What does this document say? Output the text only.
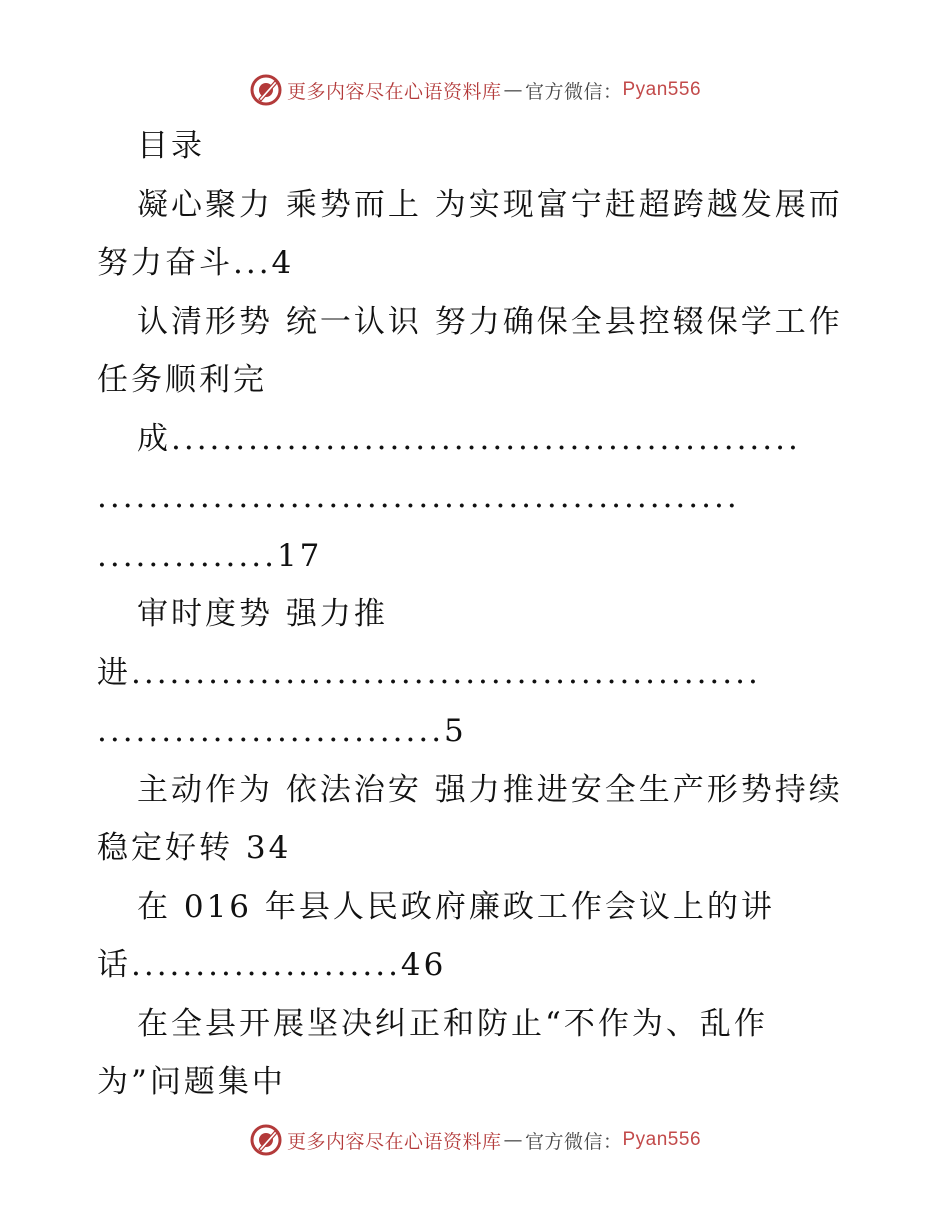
更多内容尽在心语资料库 — 官方微信： Pyan556
目录
凝心聚力 乘势而上 为实现富宁赶超跨越发展而
努力奋斗...4
认清形势 统一认识 努力确保全县控辍保学工作
任务顺利完
成.................................................
..................................................
..............17
审时度势 强力推
进.................................................
...........................5
主动作为 依法治安 强力推进安全生产形势持续
稳定好转 34
在 016 年县人民政府廉政工作会议上的讲
话.....................46
在全县开展坚决纠正和防止“不作为、乱作
为”问题集中
更多内容尽在心语资料库 — 官方微信： Pyan556
